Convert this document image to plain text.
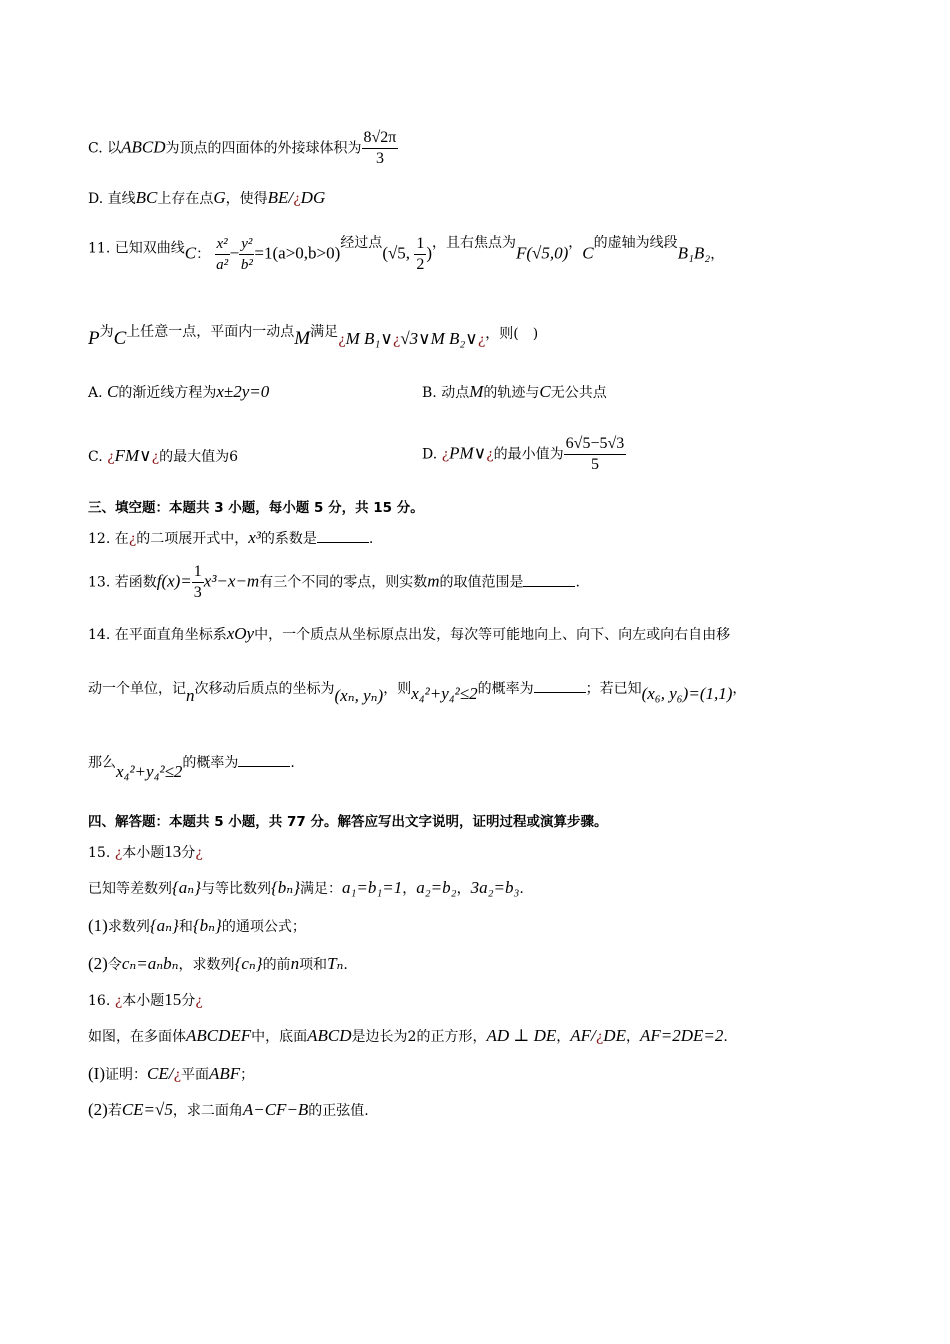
C. 以ABCD为顶点的四面体的外接球体积为 $\frac{8√2\pi}{3}$
D. 直线BC上存在点G，使得BE/¿DG
11. 已知双曲线C： $\frac{\text{x²}}{\text{a²}} - \frac{\text{y²}}{\text{b²}} =1(a>0,b>0)$经过点(√5, $\frac{1}{2}$ )，且右焦点为F(√5,0)，C的虚轴为线段B₁B₂，
P为C上任意一点，平面内一动点M满足¿M B₁∨¿√3∨M B₂∨¿，则(　)
A. C的渐近线方程为x±2y=0	B. 动点M的轨迹与C无公共点
C. ¿FM∨¿的最大值为6	D. ¿PM∨¿的最小值为 $\frac{6√5-5√3}{5}$
三、填空题：本题共 3 小题，每小题 5 分，共 15 分。
12. 在¿的二项展开式中，x³的系数是	.
13. 若函数$f(x)= \frac{1}{3} x^3-x-m$有三个不同的零点，则实数m的取值范围是	.
14. 在平面直角坐标系xOy中，一个质点从坐标原点出发，每次等可能地向上、向下、向左或向右自由移
动一个单位，记n次移动后质点的坐标为(xₙ, yₙ)，则x₄²+y₄²≤2的概率为	；若已知(x₆, y₆)=(1,1)，
那么x₄²+y₄²≤2的概率为	.
四、解答题：本题共 5 小题，共 77 分。解答应写出文字说明，证明过程或演算步骤。
15. ¿本小题13分¿
已知等差数列{aₙ}与等比数列{bₙ}满足：a₁=b₁=1，a₂=b₂，3a₂=b₃.
(1)求数列{aₙ}和{bₙ}的通项公式；
(2)令cₙ=aₙbₙ，求数列{cₙ}的前n项和Tₙ.
16. ¿本小题15分¿
如图，在多面体ABCDEF中，底面ABCD是边长为2的正方形，AD ⊥ DE，AF/¿DE，AF=2DE=2.
(I)证明：CE/¿平面ABF；
(2)若CE=√5，求二面角A−CF−B的正弦值.
